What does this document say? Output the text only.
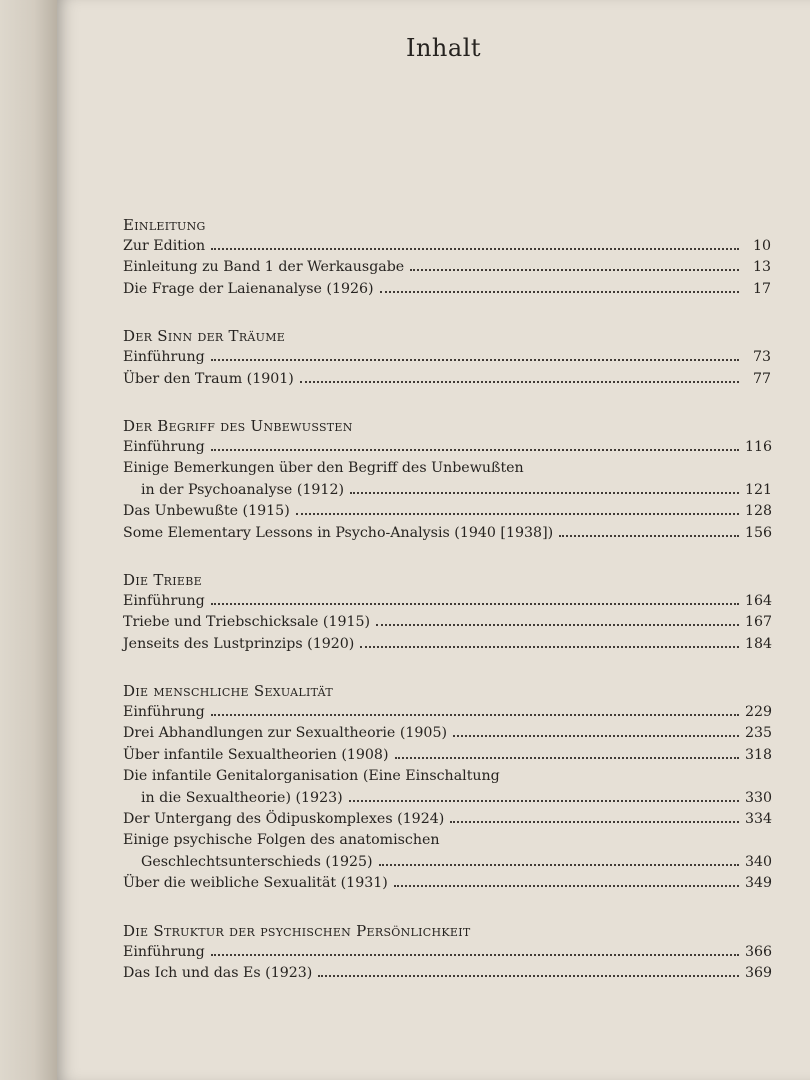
Inhalt
Einleitung
Zur Edition	10
Einleitung zu Band 1 der Werkausgabe	13
Die Frage der Laienanalyse (1926)	17
Der Sinn der Träume
Einführung	73
Über den Traum (1901)	77
Der Begriff des Unbewussten
Einführung	116
Einige Bemerkungen über den Begriff des Unbewußten
in der Psychoanalyse (1912)	121
Das Unbewußte (1915)	128
Some Elementary Lessons in Psycho-Analysis (1940 [1938])	156
Die Triebe
Einführung	164
Triebe und Triebschicksale (1915)	167
Jenseits des Lustprinzips (1920)	184
Die menschliche Sexualität
Einführung	229
Drei Abhandlungen zur Sexualtheorie (1905)	235
Über infantile Sexualtheorien (1908)	318
Die infantile Genitalorganisation (Eine Einschaltung
in die Sexualtheorie) (1923)	330
Der Untergang des Ödipuskomplexes (1924)	334
Einige psychische Folgen des anatomischen
Geschlechtsunterschieds (1925)	340
Über die weibliche Sexualität (1931)	349
Die Struktur der psychischen Persönlichkeit
Einführung	366
Das Ich und das Es (1923)	369
